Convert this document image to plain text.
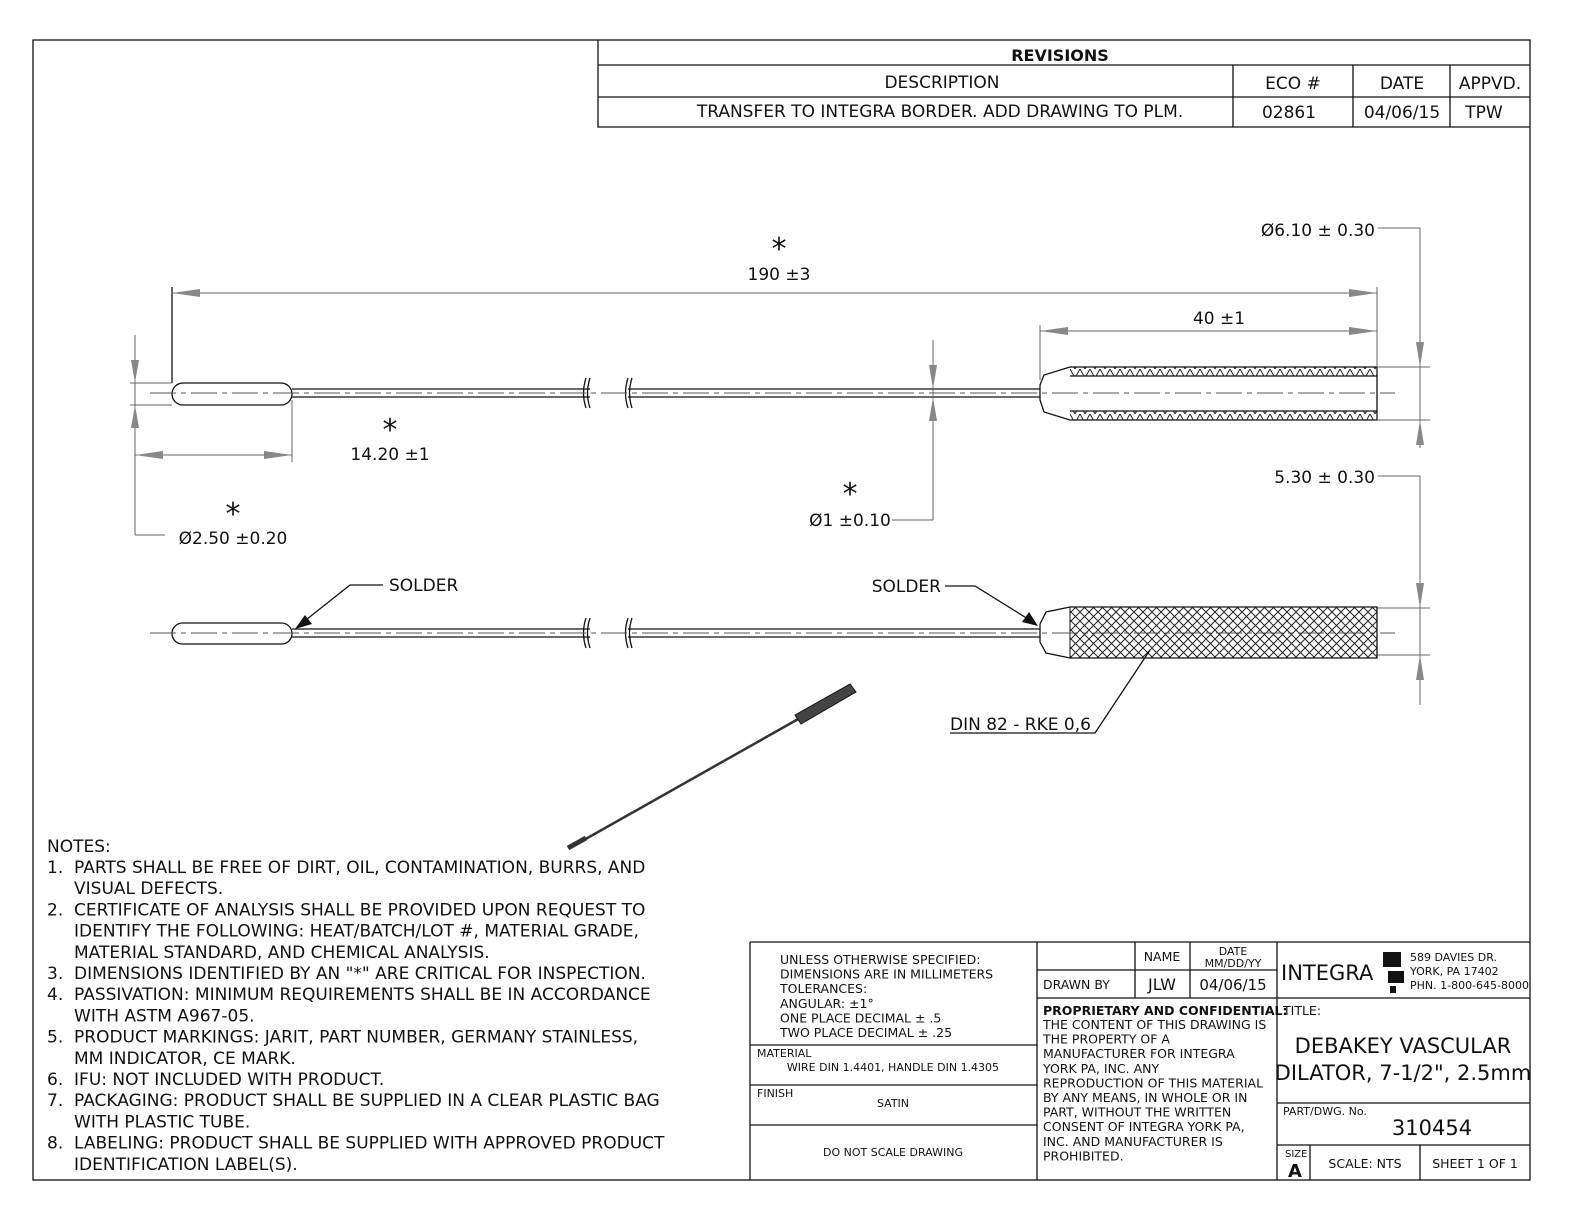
REVISIONS
DESCRIPTION	ECO #	DATE APPVD.
TRANSFER TO INTEGRA BORDER. ADD DRAWING TO PLM.	02861	04/06/15 TPW
*
190 ±3
40 ±1
Ø6.10 ± 0.30
5.30 ± 0.30
*
14.20 ±1
*
Ø2.50 ±0.20
*
Ø1 ±0.10
SOLDER	SOLDER
DIN 82 - RKE 0,6
NOTES:
1.  PARTS SHALL BE FREE OF DIRT, OIL, CONTAMINATION, BURRS, AND
VISUAL DEFECTS.
2.  CERTIFICATE OF ANALYSIS SHALL BE PROVIDED UPON REQUEST TO
IDENTIFY THE FOLLOWING: HEAT/BATCH/LOT #, MATERIAL GRADE,
MATERIAL STANDARD, AND CHEMICAL ANALYSIS.
3.  DIMENSIONS IDENTIFIED BY AN "*" ARE CRITICAL FOR INSPECTION.
4.  PASSIVATION: MINIMUM REQUIREMENTS SHALL BE IN ACCORDANCE
WITH ASTM A967-05.
5.  PRODUCT MARKINGS: JARIT, PART NUMBER, GERMANY STAINLESS,
MM INDICATOR, CE MARK.
6.  IFU: NOT INCLUDED WITH PRODUCT.
7.  PACKAGING: PRODUCT SHALL BE SUPPLIED IN A CLEAR PLASTIC BAG
WITH PLASTIC TUBE.
8.  LABELING: PRODUCT SHALL BE SUPPLIED WITH APPROVED PRODUCT
IDENTIFICATION LABEL(S).
UNLESS OTHERWISE SPECIFIED:
DIMENSIONS ARE IN MILLIMETERS
TOLERANCES:
ANGULAR: ±1°
ONE PLACE DECIMAL ± .5
TWO PLACE DECIMAL ± .25
MATERIAL
WIRE DIN 1.4401, HANDLE DIN 1.4305
FINISH
SATIN
DO NOT SCALE DRAWING
NAME	DATE
MM/DD/YY
DRAWN BY JLW 04/06/15
PROPRIETARY AND CONFIDENTIAL:
THE CONTENT OF THIS DRAWING IS
THE PROPERTY OF A
MANUFACTURER FOR INTEGRA
YORK PA, INC. ANY
REPRODUCTION OF THIS MATERIAL
BY ANY MEANS, IN WHOLE OR IN
PART, WITHOUT THE WRITTEN
CONSENT OF INTEGRA YORK PA,
INC. AND MANUFACTURER IS
PROHIBITED.
INTEGRA
589 DAVIES DR.
YORK, PA 17402
PHN. 1-800-645-8000
TITLE:
DEBAKEY VASCULAR
DILATOR, 7-1/2", 2.5mm
PART/DWG. No.
310454
SIZE
A SCALE: NTS SHEET 1 OF 1
